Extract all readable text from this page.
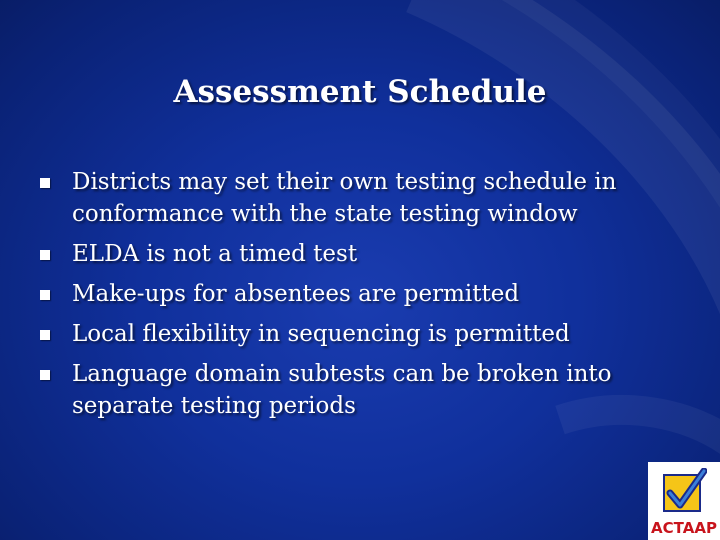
Assessment Schedule
Districts may set their own testing schedule in conformance with the state testing window
ELDA is not a timed test
Make-ups for absentees are permitted
Local flexibility in sequencing is permitted
Language domain subtests can be broken into separate testing periods
ACTAAP
